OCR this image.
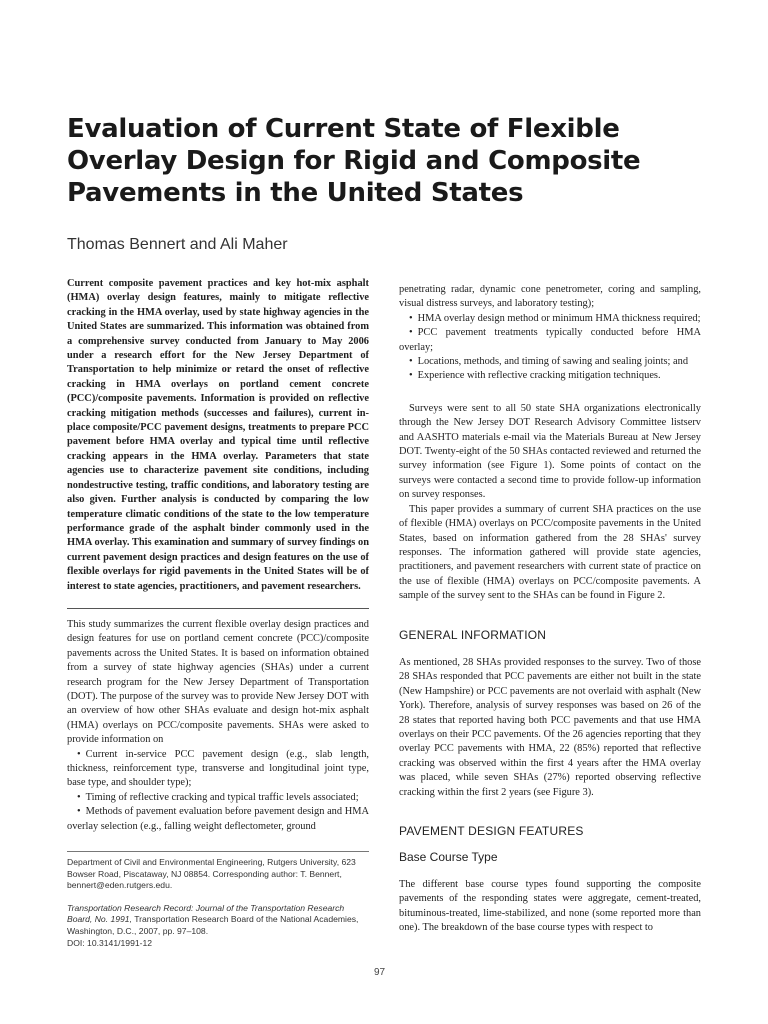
Evaluation of Current State of Flexible
Overlay Design for Rigid and Composite
Pavements in the United States
Thomas Bennert and Ali Maher

Current composite pavement practices and key hot-mix asphalt (HMA) overlay design features, mainly to mitigate reflective cracking in the HMA overlay, used by state highway agencies in the United States are summarized. This information was obtained from a comprehensive survey conducted from January to May 2006 under a research effort for the New Jersey Department of Transportation to help minimize or retard the onset of reflective cracking in HMA overlays on portland cement concrete (PCC)/composite pavements. Information is provided on reflective cracking mitigation methods (successes and failures), current in-place composite/PCC pavement designs, treatments to prepare PCC pavement before HMA overlay and typical time until reflective cracking appears in the HMA overlay. Parameters that state agencies use to characterize pavement site conditions, including nondestructive testing, traffic conditions, and laboratory testing are also given. Further analysis is conducted by comparing the low temperature climatic conditions of the state to the low temperature performance grade of the asphalt binder commonly used in the HMA overlay. This examination and summary of survey findings on current pavement design practices and design features on the use of flexible overlays for rigid pavements in the United States will be of interest to state agencies, practitioners, and pavement researchers.

This study summarizes the current flexible overlay design practices and design features for use on portland cement concrete (PCC)/composite pavements across the United States. It is based on information obtained from a survey of state highway agencies (SHAs) under a current research program for the New Jersey Department of Transportation (DOT). The purpose of the survey was to provide New Jersey DOT with an overview of how other SHAs evaluate and design hot-mix asphalt (HMA) overlays on PCC/composite pavements. SHAs were asked to provide information on

• Current in-service PCC pavement design (e.g., slab length, thickness, reinforcement type, transverse and longitudinal joint type, base type, and shoulder type);
• Timing of reflective cracking and typical traffic levels associated;
• Methods of pavement evaluation before pavement design and HMA overlay selection (e.g., falling weight deflectometer, ground

penetrating radar, dynamic cone penetrometer, coring and sampling, visual distress surveys, and laboratory testing);

• HMA overlay design method or minimum HMA thickness required;
• PCC pavement treatments typically conducted before HMA overlay;
• Locations, methods, and timing of sawing and sealing joints; and
• Experience with reflective cracking mitigation techniques.

Surveys were sent to all 50 state SHA organizations electronically through the New Jersey DOT Research Advisory Committee listserv and AASHTO materials e-mail via the Materials Bureau at New Jersey DOT. Twenty-eight of the 50 SHAs contacted reviewed and returned the survey information (see Figure 1). Some points of contact on the surveys were contacted a second time to provide follow-up information on survey responses.

This paper provides a summary of current SHA practices on the use of flexible (HMA) overlays on PCC/composite pavements in the United States, based on information gathered from the 28 SHAs' survey responses. The information gathered will provide state agencies, practitioners, and pavement researchers with current state of practice on the use of flexible (HMA) overlays on PCC/composite pavements. A sample of the survey sent to the SHAs can be found in Figure 2.

GENERAL INFORMATION

As mentioned, 28 SHAs provided responses to the survey. Two of those 28 SHAs responded that PCC pavements are either not built in the state (New Hampshire) or PCC pavements are not overlaid with asphalt (New York). Therefore, analysis of survey responses was based on 26 of the 28 states that reported having both PCC pavements and that use HMA overlays on their PCC pavements. Of the 26 agencies reporting that they overlay PCC pavements with HMA, 22 (85%) reported that reflective cracking was observed within the first 4 years after the HMA overlay was placed, while seven SHAs (27%) reported observing reflective cracking within the first 2 years (see Figure 3).

PAVEMENT DESIGN FEATURES
Base Course Type

The different base course types found supporting the composite pavements of the responding states were aggregate, cement-treated, bituminous-treated, lime-stabilized, and none (some reported more than one). The breakdown of the base course types with respect to

Department of Civil and Environmental Engineering, Rutgers University, 623 Bowser Road, Piscataway, NJ 08854. Corresponding author: T. Bennert, bennert@eden.rutgers.edu.

Transportation Research Record: Journal of the Transportation Research Board, No. 1991, Transportation Research Board of the National Academies, Washington, D.C., 2007, pp. 97–108.

DOI: 10.3141/1991-12

97
